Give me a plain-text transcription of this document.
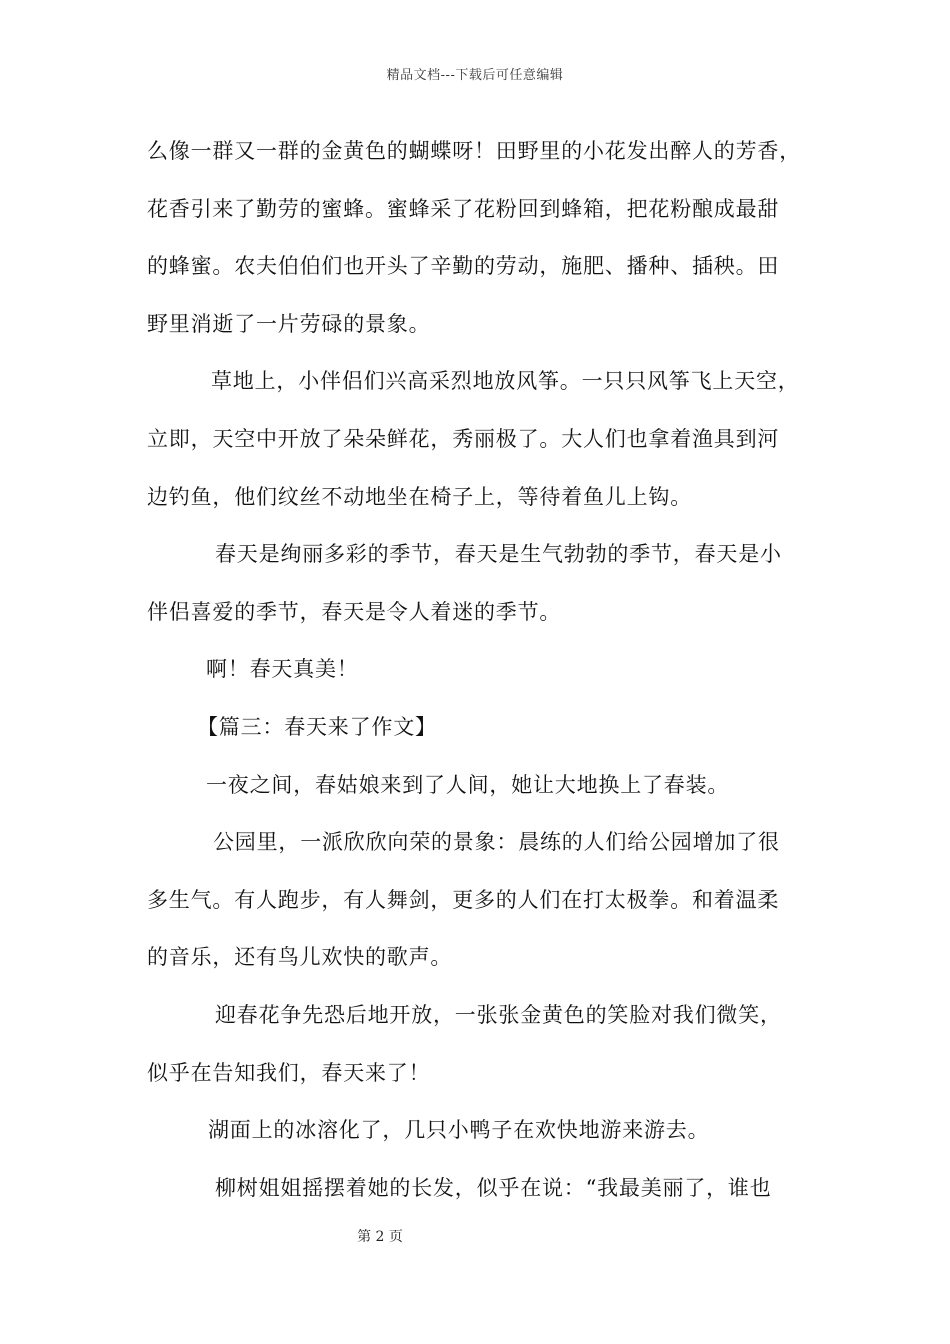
精品文档---下载后可任意编辑
么像一群又一群的金黄色的蝴蝶呀！田野里的小花发出醉人的芳香，
花香引来了勤劳的蜜蜂。蜜蜂采了花粉回到蜂箱，把花粉酿成最甜
的蜂蜜。农夫伯伯们也开头了辛勤的劳动，施肥、播种、插秧。田
野里消逝了一片劳碌的景象。
草地上，小伴侣们兴高采烈地放风筝。一只只风筝飞上天空，
立即，天空中开放了朵朵鲜花，秀丽极了。大人们也拿着渔具到河
边钓鱼，他们纹丝不动地坐在椅子上，等待着鱼儿上钩。
春天是绚丽多彩的季节，春天是生气勃勃的季节，春天是小
伴侣喜爱的季节，春天是令人着迷的季节。
啊！春天真美！
【篇三：春天来了作文】
一夜之间，春姑娘来到了人间，她让大地换上了春装。
公园里，一派欣欣向荣的景象：晨练的人们给公园增加了很
多生气。有人跑步，有人舞剑，更多的人们在打太极拳。和着温柔
的音乐，还有鸟儿欢快的歌声。
迎春花争先恐后地开放，一张张金黄色的笑脸对我们微笑，
似乎在告知我们，春天来了！
湖面上的冰溶化了，几只小鸭子在欢快地游来游去。
柳树姐姐摇摆着她的长发，似乎在说：“我最美丽了，谁也
第 2 页
